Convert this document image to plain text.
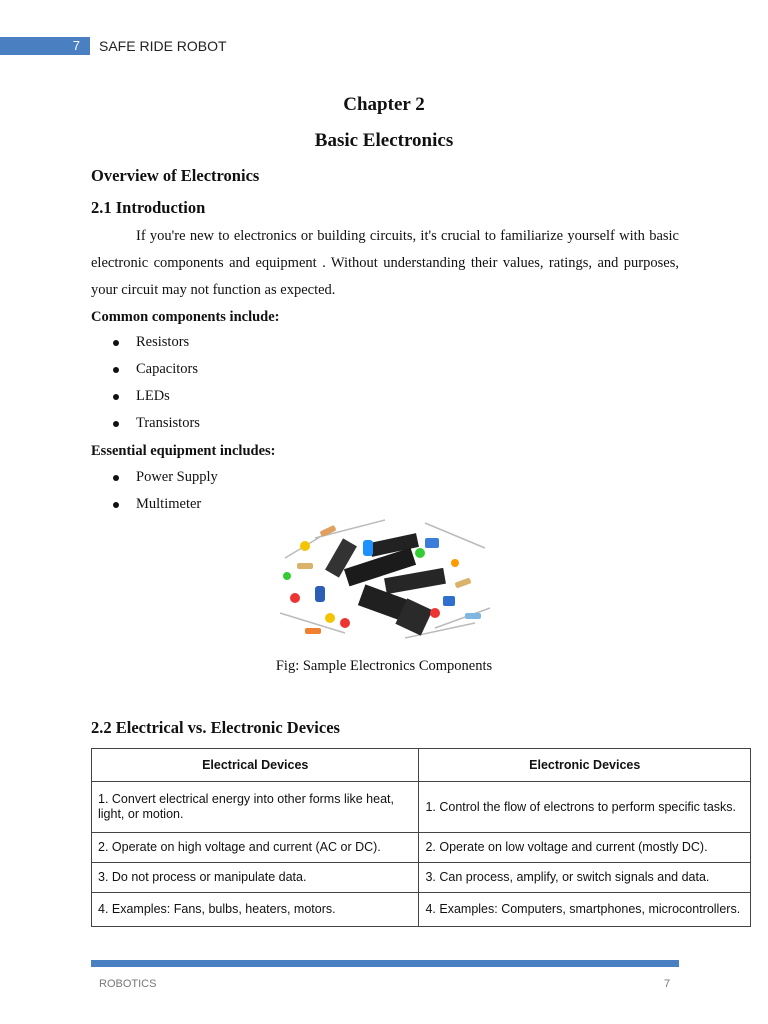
7	SAFE RIDE ROBOT
Chapter 2
Basic Electronics
Overview of Electronics
2.1 Introduction
If you're new to electronics or building circuits, it's crucial to familiarize yourself with basic electronic components and equipment . Without understanding their values, ratings, and purposes, your circuit may not function as expected.
Common components include:
Resistors
Capacitors
LEDs
Transistors
Essential equipment includes:
Power Supply
Multimeter
Fig: Sample Electronics Components
2.2 Electrical vs. Electronic Devices
Electrical Devices	Electronic Devices
1. Convert electrical energy into other forms like heat, light, or motion.	1. Control the flow of electrons to perform specific tasks.
2. Operate on high voltage and current (AC or DC).	2. Operate on low voltage and current (mostly DC).
3. Do not process or manipulate data.	3. Can process, amplify, or switch signals and data.
4. Examples: Fans, bulbs, heaters, motors.	4. Examples: Computers, smartphones, microcontrollers.
ROBOTICS	7
